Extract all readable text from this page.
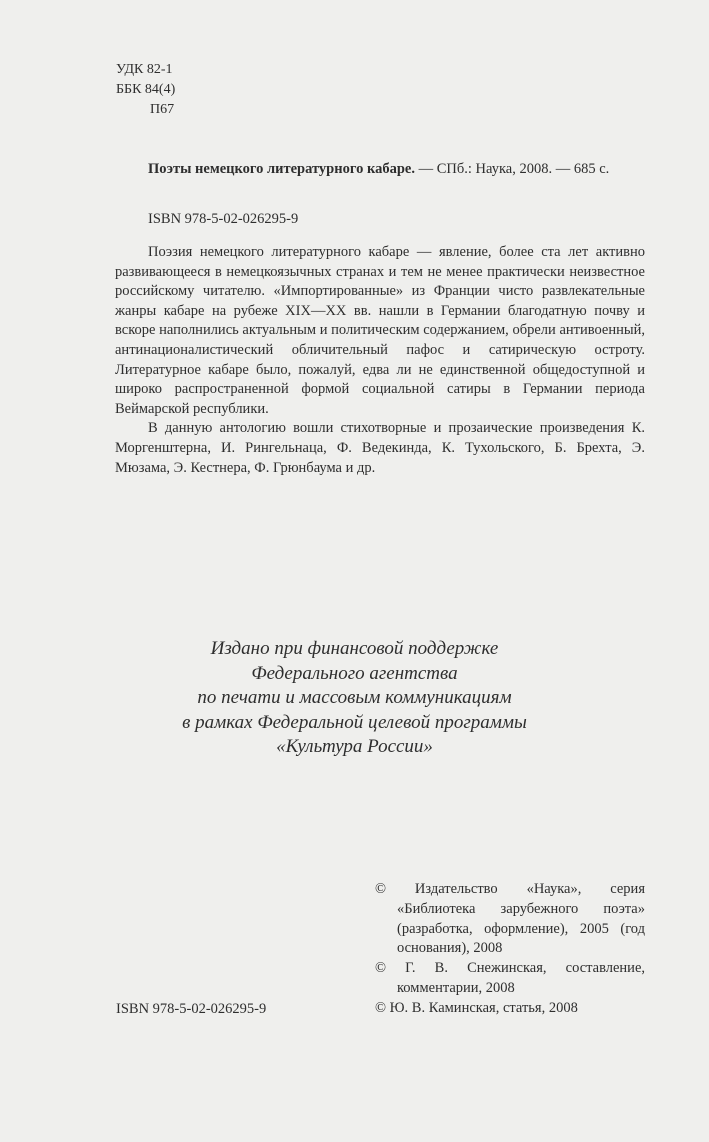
УДК 82-1
ББК 84(4)
П67
Поэты немецкого литературного кабаре. — СПб.: Наука, 2008. — 685 с.
ISBN 978-5-02-026295-9

Поэзия немецкого литературного кабаре — явление, более ста лет активно развивающееся в немецкоязычных странах и тем не менее практически неизвестное российскому читателю. «Импортированные» из Франции чисто развлекательные жанры кабаре на рубеже XIX—XX вв. нашли в Германии благодатную почву и вскоре наполнились актуальным и политическим содержанием, обрели антивоенный, антинационалистический обличительный пафос и сатирическую остроту. Литературное кабаре было, пожалуй, едва ли не единственной общедоступной и широко распространенной формой социальной сатиры в Германии периода Веймарской республики.

В данную антологию вошли стихотворные и прозаические произведения К. Моргенштерна, И. Рингельнаца, Ф. Ведекинда, К. Тухольского, Б. Брехта, Э. Мюзама, Э. Кестнера, Ф. Грюнбаума и др.

Издано при финансовой поддержке
Федерального агентства
по печати и массовым коммуникациям
в рамках Федеральной целевой программы
«Культура России»
© Издательство «Наука», серия «Библиотека зарубежного поэта» (разработка, оформление), 2005 (год основания), 2008
© Г. В. Снежинская, составление, комментарии, 2008
© Ю. В. Каминская, статья, 2008
ISBN 978-5-02-026295-9
